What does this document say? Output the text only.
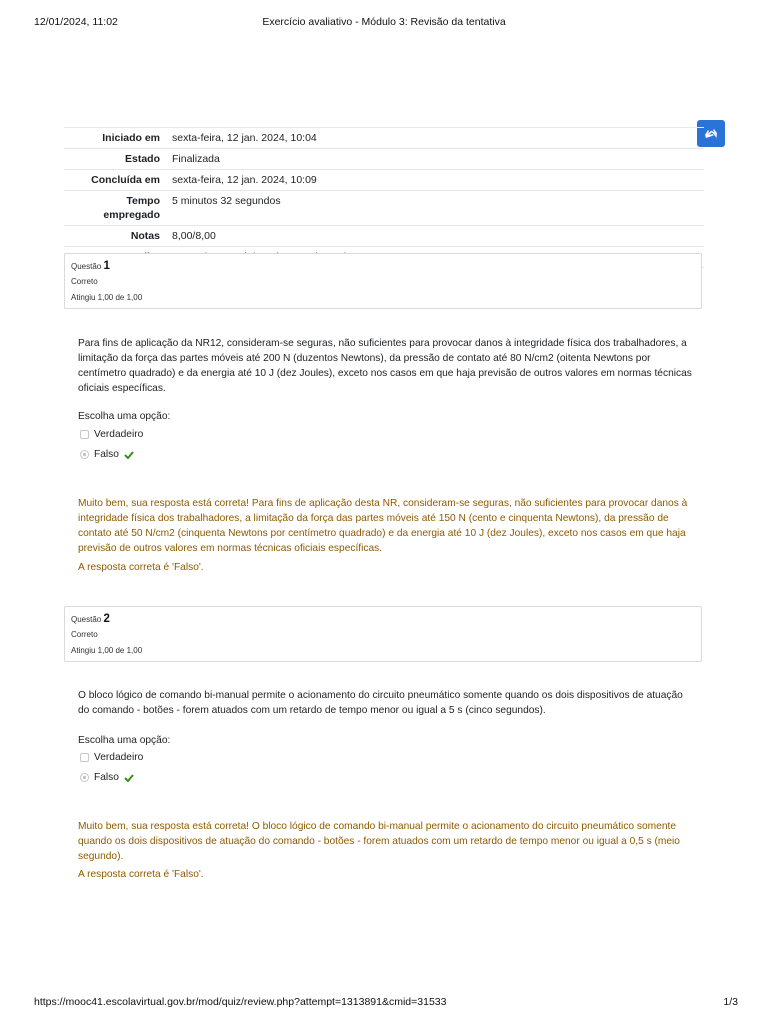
12/01/2024, 11:02	Exercício avaliativo - Módulo 3: Revisão da tentativa
Iniciado em	sexta-feira, 12 jan. 2024, 10:04
Estado	Finalizada
Concluída em	sexta-feira, 12 jan. 2024, 10:09
Tempo empregado	5 minutos 32 segundos
Notas	8,00/8,00

Questão 1
Correto
Atingiu 1,00 de 1,00
Para fins de aplicação da NR12, consideram-se seguras, não suficientes para provocar danos à integridade física dos trabalhadores, a limitação da força das partes móveis até 200 N (duzentos Newtons), da pressão de contato até 80 N/cm2 (oitenta Newtons por centímetro quadrado) e da energia até 10 J (dez Joules), exceto nos casos em que haja previsão de outros valores em normas técnicas oficiais específicas.
Escolha uma opção:
Verdadeiro
Falso
Muito bem, sua resposta está correta! Para fins de aplicação desta NR, consideram-se seguras, não suficientes para provocar danos à integridade física dos trabalhadores, a limitação da força das partes móveis até 150 N (cento e cinquenta Newtons), da pressão de contato até 50 N/cm2 (cinquenta Newtons por centímetro quadrado) e da energia até 10 J (dez Joules), exceto nos casos em que haja previsão de outros valores em normas técnicas oficiais específicas.
A resposta correta é 'Falso'.
Questão 2
Correto
Atingiu 1,00 de 1,00
O bloco lógico de comando bi-manual permite o acionamento do circuito pneumático somente quando os dois dispositivos de atuação do comando - botões - forem atuados com um retardo de tempo menor ou igual a 5 s (cinco segundos).
Escolha uma opção:
Verdadeiro
Falso
Muito bem, sua resposta está correta! O bloco lógico de comando bi-manual permite o acionamento do circuito pneumático somente quando os dois dispositivos de atuação do comando - botões - forem atuados com um retardo de tempo menor ou igual a 0,5 s (meio segundo).
A resposta correta é 'Falso'.
https://mooc41.escolavirtual.gov.br/mod/quiz/review.php?attempt=1313891&cmid=31533	1/3
